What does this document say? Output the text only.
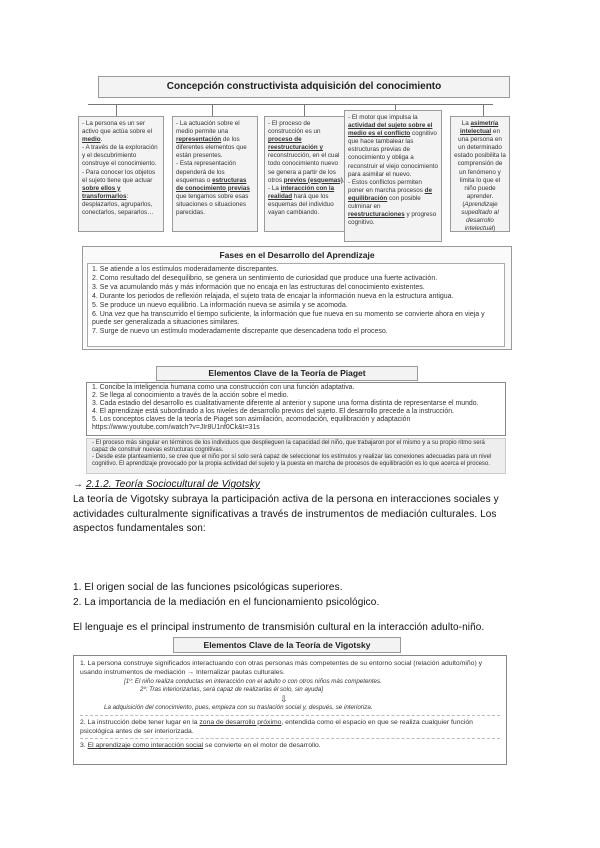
Concepción constructivista adquisición del conocimiento
- La persona es un ser activo que actúa sobre el medio.
- A través de la exploración y el descubrimiento construye el conocimiento.
- Para conocer los objetos el sujeto tiene que actuar sobre ellos y transformarlos: desplazarlos, agruparlos, conectarlos, separarlos…
- La actuación sobre el medio permite una representación de los diferentes elementos que están presentes.
- Esta representación dependerá de los esquemas o estructuras de conocimiento previas que tengamos sobre esas situaciones o situaciones parecidas.
- El proceso de construcción es un proceso de reestructuración y reconstrucción, en el cual todo conocimiento nuevo se genera a partir de los otros previos (esquemas)
- La interacción con la realidad hará que los esquemas del individuo vayan cambiando.
- El motor que impulsa la actividad del sujeto sobre el medio es el conflicto cognitivo que hace tambalear las estructuras previas de conocimiento y obliga a reconstruir el viejo conocimiento para asimilar el nuevo.
- Estos conflictos permiten poner en marcha procesos de equilibración con posible culminar en reestructuraciones y progreso cognitivo.
La asimetría intelectual en una persona en un determinado estado posibilita la comprensión de un fenómeno y limita lo que el niño puede aprender. (Aprendizaje supeditado al desarrollo intelectual)
Fases en el Desarrollo del Aprendizaje
1. Se atiende a los estímulos moderadamente discrepantes.
2. Como resultado del desequilibrio, se genera un sentimiento de curiosidad que produce una fuerte activación.
3. Se va acumulando más y más información que no encaja en las estructuras del conocimiento existentes.
4. Durante los periodos de reflexión relajada, el sujeto trata de encajar la información nueva en la estructura antigua.
5. Se produce un nuevo equilibrio. La información nueva se asimila y se acomoda.
6. Una vez que ha transcurrido el tiempo suficiente, la información que fue nueva en su momento se convierte ahora en vieja y puede ser generalizada a situaciones similares.
7. Surge de nuevo un estímulo moderadamente discrepante que desencadena todo el proceso.
Elementos Clave de la Teoría de Piaget
1. Concibe la inteligencia humana como una construcción con una función adaptativa.
2. Se llega al conocimiento a través de la acción sobre el medio.
3. Cada estadio del desarrollo es cualitativamente diferente al anterior y supone una forma distinta de representarse el mundo.
4. El aprendizaje está subordinado a los niveles de desarrollo previos del sujeto. El desarrollo precede a la instrucción.
5. Los conceptos claves de la teoría de Piaget son asimilación, acomodación, equilibración y adaptación
https://www.youtube.com/watch?v=JIr8U1nf0Ck&t=31s
- El proceso más singular en términos de los individuos que desplieguen la capacidad del niño, que trabajaron por el mismo y a su propio ritmo será capaz de construir nuevas estructuras cognitivas.
- Desde este planteamiento, se cree que el niño por sí solo será capaz de seleccionar los estímulos y realizar las conexiones adecuadas para un nivel cognitivo. El aprendizaje provocado por la propia actividad del sujeto y la puesta en marcha de procesos de equilibración es lo que acerca el proceso.
→ 2.1.2. Teoría Sociocultural de Vigotsky
La teoría de Vigotsky subraya la participación activa de la persona en interacciones sociales y actividades culturalmente significativas a través de instrumentos de mediación culturales. Los aspectos fundamentales son:
1. El origen social de las funciones psicológicas superiores.
2. La importancia de la mediación en el funcionamiento psicológico.
El lenguaje es el principal instrumento de transmisión cultural en la interacción adulto-niño.
Elementos Clave de la Teoría de Vigotsky
1. La persona construye significados interactuando con otras personas más competentes de su entorno social (relación adulto/niño) y usando instrumentos de mediación → Internalizar pautas culturales.
[1º: El niño realiza conductas en interacción con el adulto o con otros niños más competentes.
2º: Tras interiorizarlas, será capaz de realizarlas él solo, sin ayuda]
⇩
La adquisición del conocimiento, pues, empieza con su traslación social y, después, se interioriza.
2. La instrucción debe tener lugar en la zona de desarrollo próximo, entendida como el espacio en que se realiza cualquier función psicológica antes de ser interiorizada.
3. El aprendizaje como interacción social se convierte en el motor de desarrollo.
